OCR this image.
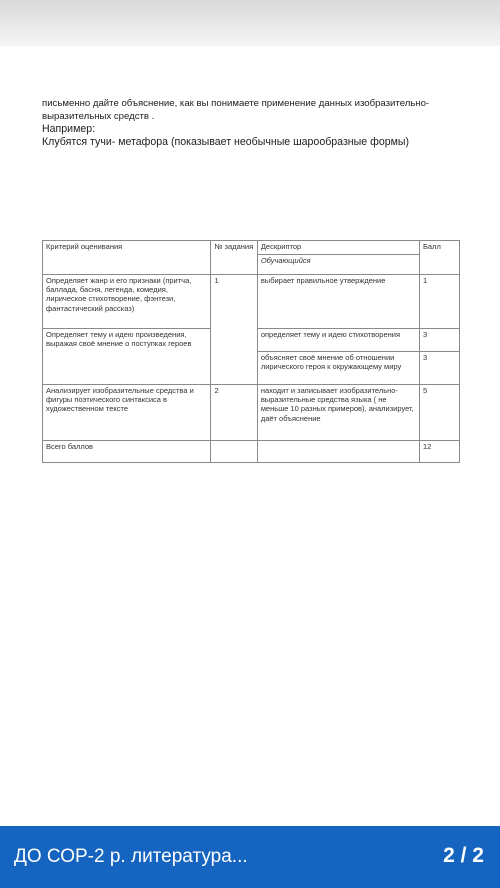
письменно дайте объяснение, как вы понимаете применение данных изобразительно-
выразительных средств .
Например:
Клубятся тучи- метафора (показывает необычные шарообразные формы)
Критерий оценивания	№ задания	Дескриптор	Балл
		Обучающийся	
Определяет жанр и его признаки (притча, баллада, басня, легенда, комедия, лирическое стихотворение, фэнтези, фантастический рассказ)	1	выбирает правильное утверждение	1
Определяет тему и идею произведения, выражая своё мнение о поступках героев		определяет тему и идею стихотворения	3
		объясняет своё мнение об отношении лирического героя к окружающему миру	3
Анализирует изобразительные средства и фигуры поэтического синтаксиса в художественном тексте	2	находит и записывает изобразительно-выразительные средства языка ( не меньше 10 разных примеров), анализирует, даёт объяснение	5
Всего баллов			12
ДО СОР-2 р. литература...	2 / 2
